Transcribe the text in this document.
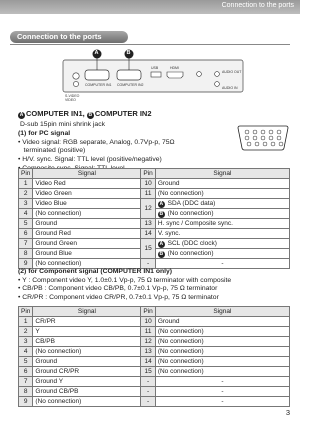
Connection to the ports
Connection to the ports
A	B
COMPUTER IN1 COMPUTER IN2
USB	HDMI
AUDIO OUT
AUDIO IN
S-VIDEO
VIDEO
A COMPUTER IN1, B COMPUTER IN2
D-sub 15pin mini shrink jack
(1) for PC signal
• Video signal: RGB separate, Analog, 0.7Vp-p, 75Ω
terminated (positive)
• H/V. sync. Signal: TTL level (positive/negative)
Pin	Signal	Pin	Signal
1	Video Red	10	Ground
2	Video Green	11	(No connection)
3	Video Blue	12	A SDA (DDC data)
4	(No connection)		B (No connection)
5	Ground	13	H. sync / Composite sync.
6	Ground Red	14	V. sync.
7	Ground Green	15	A SCL (DDC clock)
8	Ground Blue		B (No connection)
9	(No connection)	-	-
(2) for Component signal (COMPUTER IN1 only)
• Y : Component video Y, 1.0±0.1 Vp-p, 75 Ω terminator with composite
• CB/PB : Component video CB/PB, 0.7±0.1 Vp-p, 75 Ω terminator
• CR/PR : Component video CR/PR, 0.7±0.1 Vp-p, 75 Ω terminator
Pin	Signal	Pin	Signal
1	CR/PR	10	Ground
2	Y	11	(No connection)
3	CB/PB	12	(No connection)
4	(No connection)	13	(No connection)
5	Ground	14	(No connection)
6	Ground CR/PR	15	(No connection)
7	Ground Y	-	-
8	Ground CB/PB	-	-
9	(No connection)	-	-
3
